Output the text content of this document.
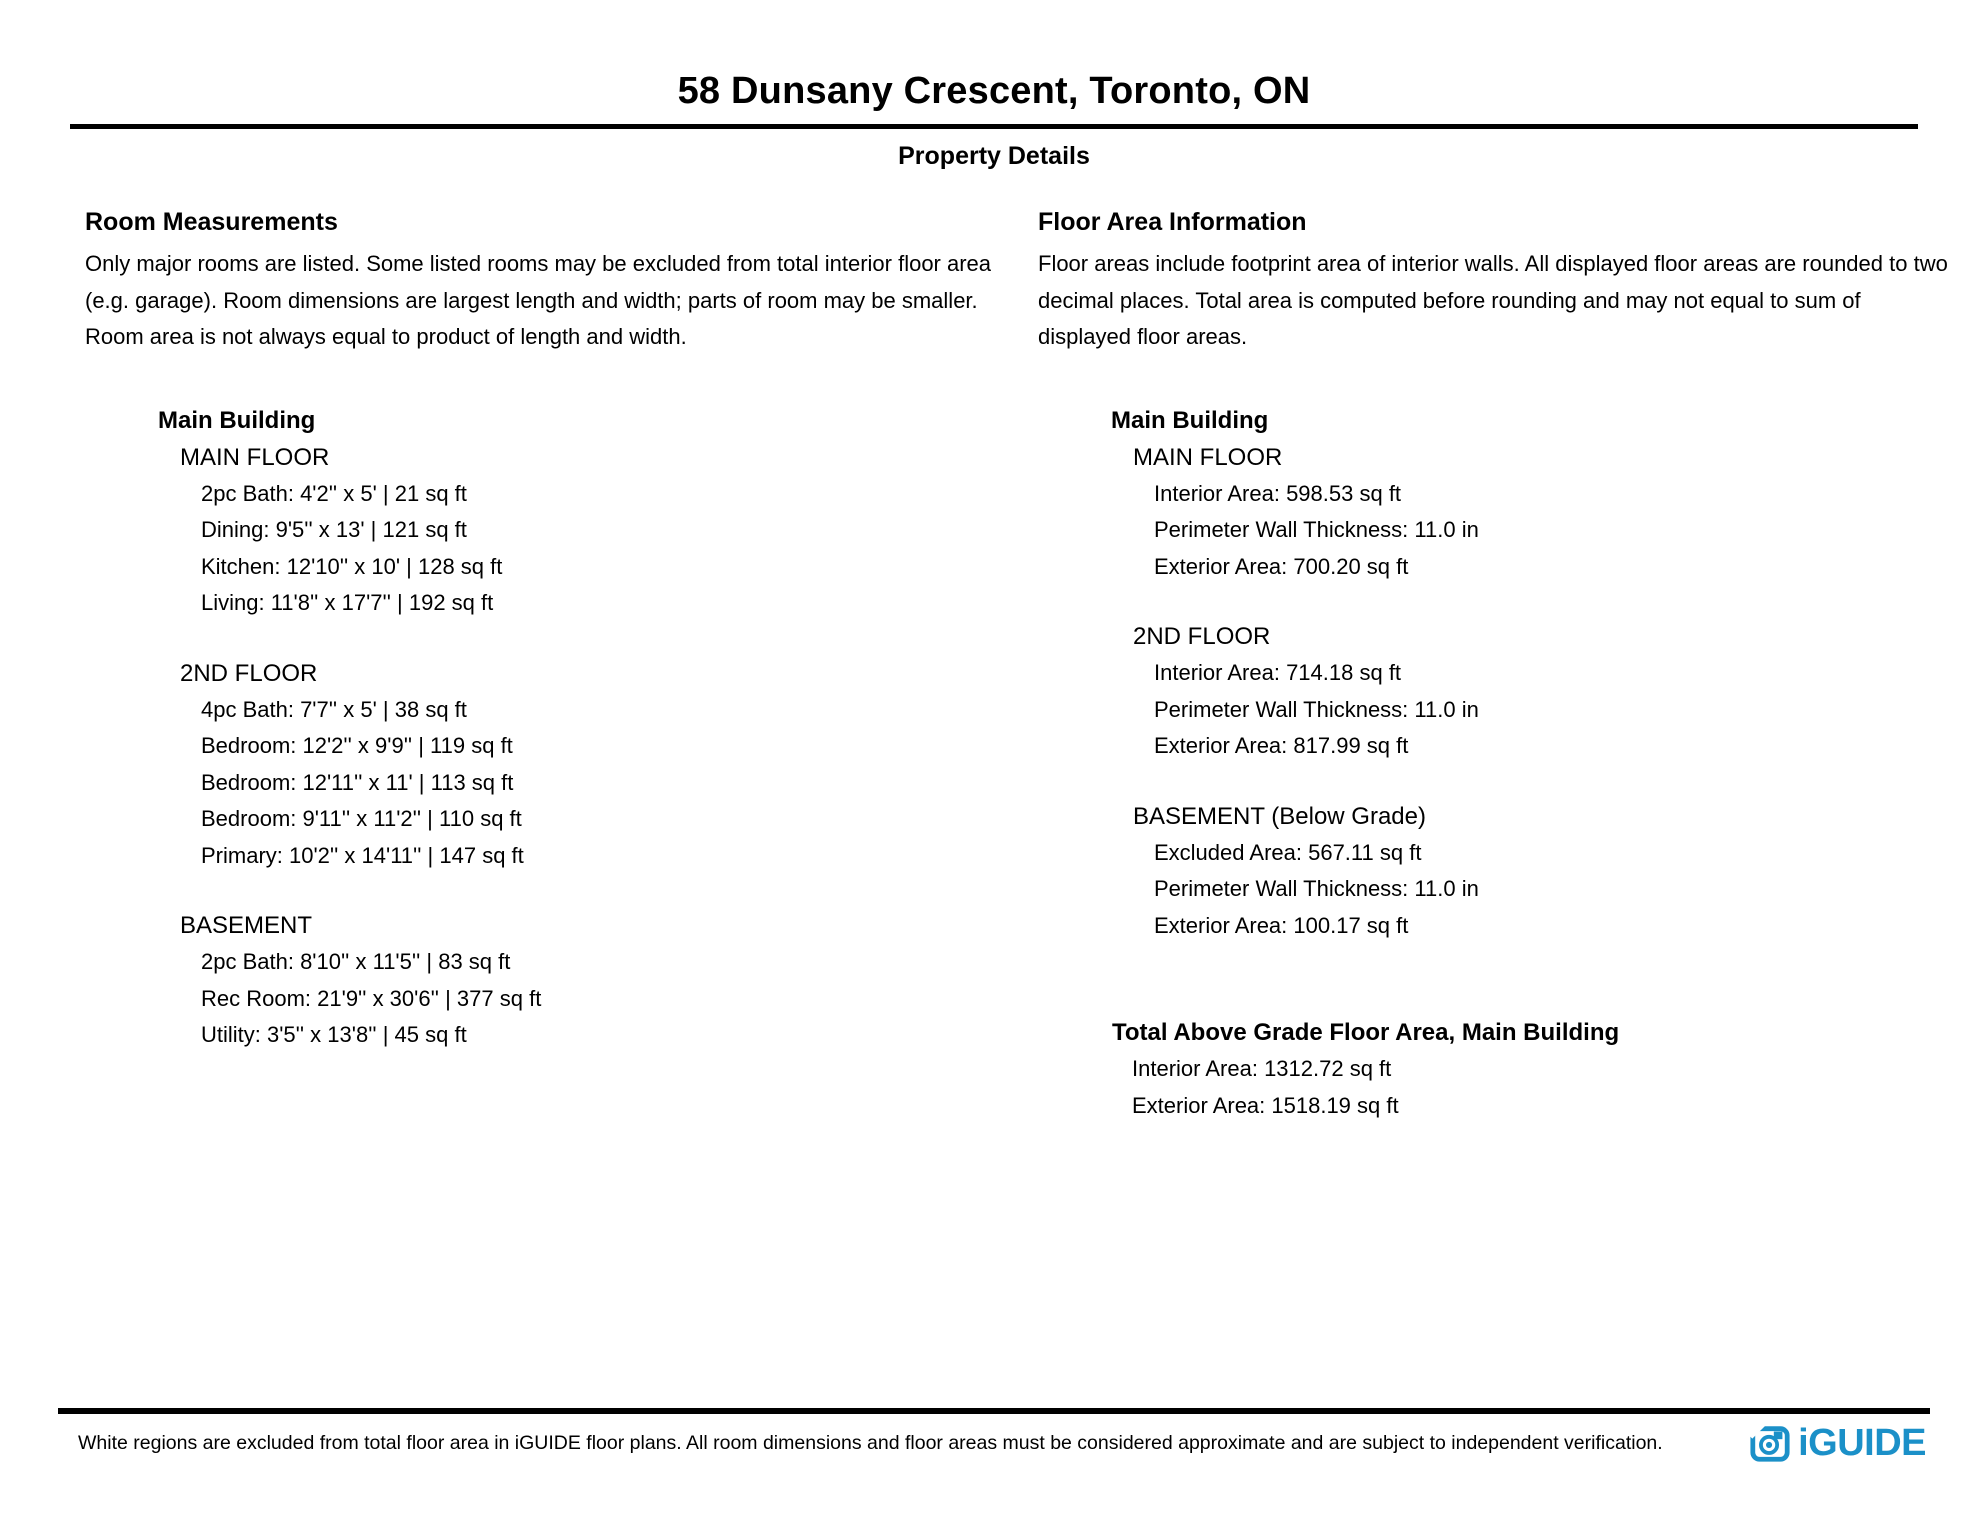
58 Dunsany Crescent, Toronto, ON
Property Details
Room Measurements

Only major rooms are listed. Some listed rooms may be excluded from total interior floor area (e.g. garage). Room dimensions are largest length and width; parts of room may be smaller. Room area is not always equal to product of length and width.

Main Building
MAIN FLOOR
2pc Bath: 4'2'' x 5' | 21 sq ft
Dining: 9'5'' x 13' | 121 sq ft
Kitchen: 12'10'' x 10' | 128 sq ft
Living: 11'8'' x 17'7'' | 192 sq ft
2ND FLOOR
4pc Bath: 7'7'' x 5' | 38 sq ft
Bedroom: 12'2'' x 9'9'' | 119 sq ft
Bedroom: 12'11'' x 11' | 113 sq ft
Bedroom: 9'11'' x 11'2'' | 110 sq ft
Primary: 10'2'' x 14'11'' | 147 sq ft
BASEMENT
2pc Bath: 8'10'' x 11'5'' | 83 sq ft
Rec Room: 21'9'' x 30'6'' | 377 sq ft
Utility: 3'5'' x 13'8'' | 45 sq ft
Floor Area Information

Floor areas include footprint area of interior walls. All displayed floor areas are rounded to two decimal places. Total area is computed before rounding and may not equal to sum of displayed floor areas.

Main Building
MAIN FLOOR
Interior Area: 598.53 sq ft
Perimeter Wall Thickness: 11.0 in
Exterior Area: 700.20 sq ft
2ND FLOOR
Interior Area: 714.18 sq ft
Perimeter Wall Thickness: 11.0 in
Exterior Area: 817.99 sq ft
BASEMENT (Below Grade)
Excluded Area: 567.11 sq ft
Perimeter Wall Thickness: 11.0 in
Exterior Area: 100.17 sq ft
Total Above Grade Floor Area, Main Building
Interior Area: 1312.72 sq ft
Exterior Area: 1518.19 sq ft
White regions are excluded from total floor area in iGUIDE floor plans. All room dimensions and floor areas must be considered approximate and are subject to independent verification.	iGUIDE
